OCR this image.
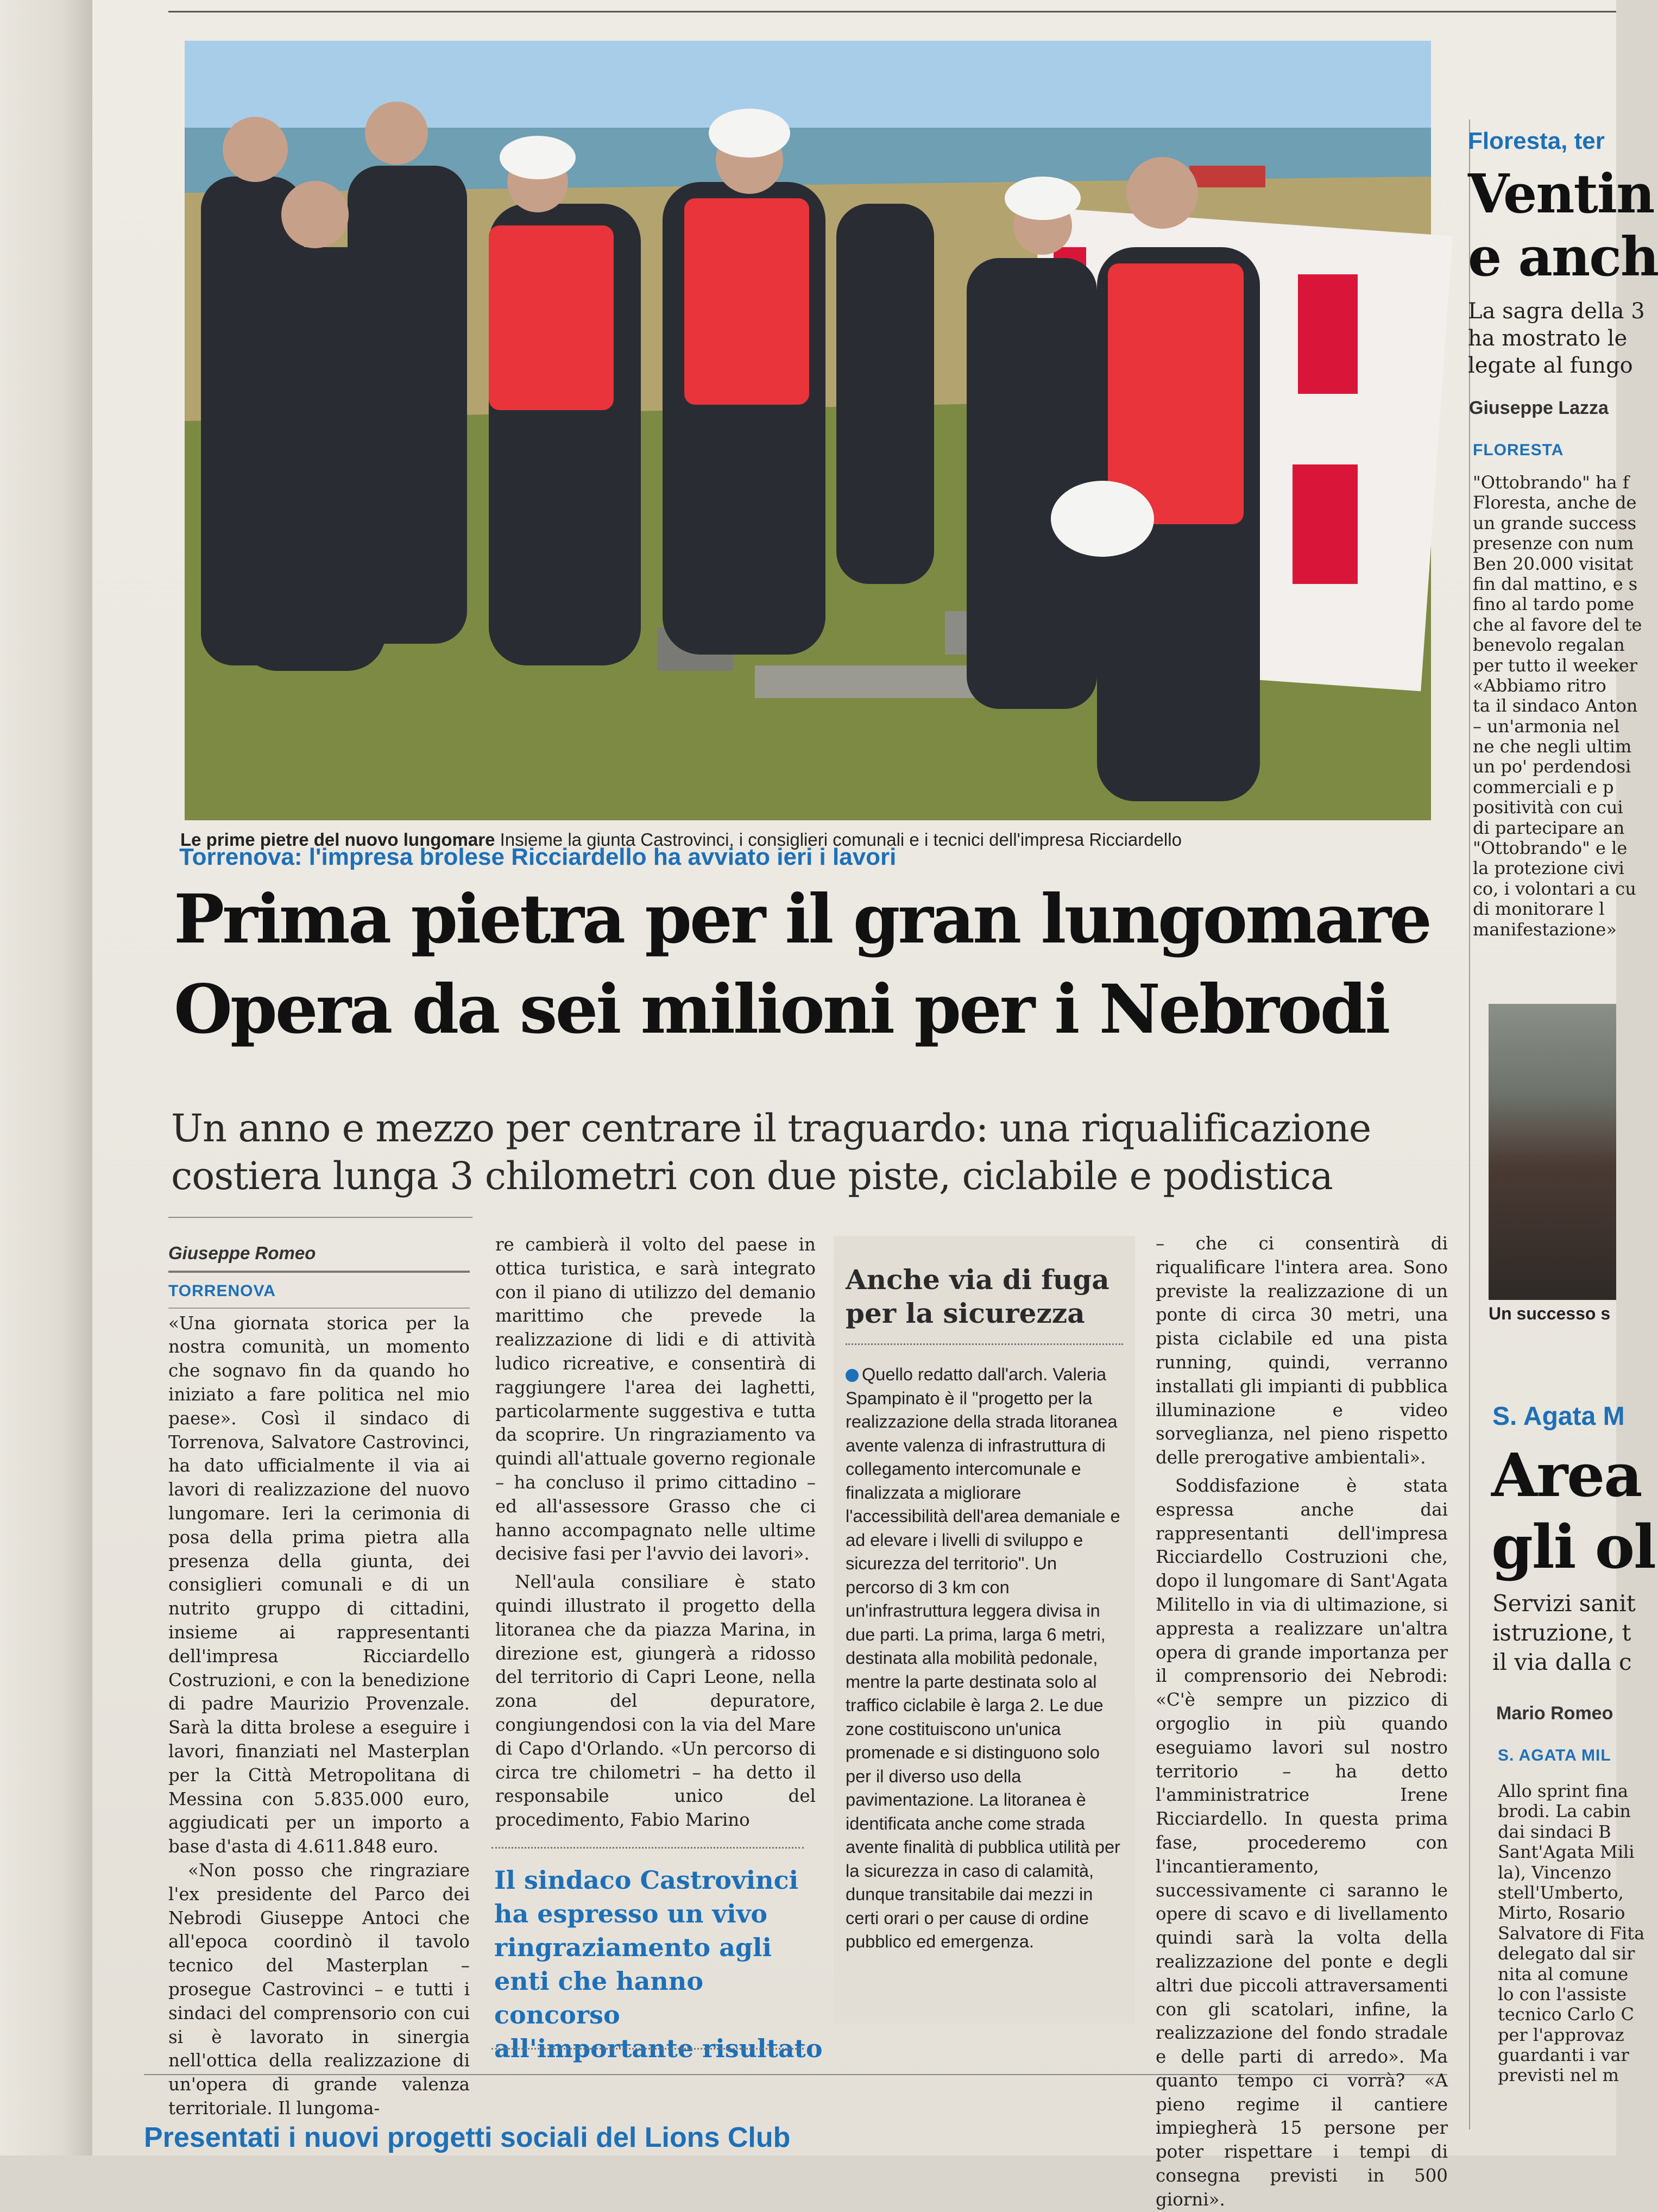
Le prime pietre del nuovo lungomare Insieme la giunta Castrovinci, i consiglieri comunali e i tecnici dell'impresa Ricciardello
Torrenova: l'impresa brolese Ricciardello ha avviato ieri i lavori
Prima pietra per il gran lungomare
Opera da sei milioni per i Nebrodi
Un anno e mezzo per centrare il traguardo: una riqualificazione
costiera lunga 3 chilometri con due piste, ciclabile e podistica
Giuseppe Romeo
TORRENOVA

«Una giornata storica per la nostra comunità, un momento che sognavo fin da quando ho iniziato a fare politica nel mio paese». Così il sindaco di Torrenova, Salvatore Castrovinci, ha dato ufficialmente il via ai lavori di realizzazione del nuovo lungomare. Ieri la cerimonia di posa della prima pietra alla presenza della giunta, dei consiglieri comunali e di un nutrito gruppo di cittadini, insieme ai rappresentanti dell'impresa Ricciardello Costruzioni, e con la benedizione di padre Maurizio Provenzale. Sarà la ditta brolese a eseguire i lavori, finanziati nel Masterplan per la Città Metropolitana di Messina con 5.835.000 euro, aggiudicati per un importo a base d'asta di 4.611.848 euro.

«Non posso che ringraziare l'ex presidente del Parco dei Nebrodi Giuseppe Antoci che all'epoca coordinò il tavolo tecnico del Masterplan – prosegue Castrovinci – e tutti i sindaci del comprensorio con cui si è lavorato in sinergia nell'ottica della realizzazione di un'opera di grande valenza territoriale. Il lungoma-

re cambierà il volto del paese in ottica turistica, e sarà integrato con il piano di utilizzo del demanio marittimo che prevede la realizzazione di lidi e di attività ludico ricreative, e consentirà di raggiungere l'area dei laghetti, particolarmente suggestiva e tutta da scoprire. Un ringraziamento va quindi all'attuale governo regionale – ha concluso il primo cittadino – ed all'assessore Grasso che ci hanno accompagnato nelle ultime decisive fasi per l'avvio dei lavori».

Nell'aula consiliare è stato quindi illustrato il progetto della litoranea che da piazza Marina, in direzione est, giungerà a ridosso del territorio di Capri Leone, nella zona del depuratore, congiungendosi con la via del Mare di Capo d'Orlando. «Un percorso di circa tre chilometri – ha detto il responsabile unico del procedimento, Fabio Marino

Il sindaco Castrovinci ha espresso un vivo ringraziamento agli enti che hanno concorso all'importante risultato
Anche via di fuga
per la sicurezza
Quello redatto dall'arch. Valeria Spampinato è il "progetto per la realizzazione della strada litoranea avente valenza di infrastruttura di collegamento intercomunale e finalizzata a migliorare l'accessibilità dell'area demaniale e ad elevare i livelli di sviluppo e sicurezza del territorio". Un percorso di 3 km con un'infrastruttura leggera divisa in due parti. La prima, larga 6 metri, destinata alla mobilità pedonale, mentre la parte destinata solo al traffico ciclabile è larga 2. Le due zone costituiscono un'unica promenade e si distinguono solo per il diverso uso della pavimentazione. La litoranea è identificata anche come strada avente finalità di pubblica utilità per la sicurezza in caso di calamità, dunque transitabile dai mezzi in certi orari o per cause di ordine pubblico ed emergenza.

– che ci consentirà di riqualificare l'intera area. Sono previste la realizzazione di un ponte di circa 30 metri, una pista ciclabile ed una pista running, quindi, verranno installati gli impianti di pubblica illuminazione e video sorveglianza, nel pieno rispetto delle prerogative ambientali».

Soddisfazione è stata espressa anche dai rappresentanti dell'impresa Ricciardello Costruzioni che, dopo il lungomare di Sant'Agata Militello in via di ultimazione, si appresta a realizzare un'altra opera di grande importanza per il comprensorio dei Nebrodi: «C'è sempre un pizzico di orgoglio in più quando eseguiamo lavori sul nostro territorio – ha detto l'amministratrice Irene Ricciardello. In questa prima fase, procederemo con l'incantieramento, successivamente ci saranno le opere di scavo e di livellamento quindi sarà la volta della realizzazione del ponte e degli altri due piccoli attraversamenti con gli scatolari, infine, la realizzazione del fondo stradale e delle parti di arredo». Ma quanto tempo ci vorrà? «A pieno regime il cantiere impiegherà 15 persone per poter rispettare i tempi di consegna previsti in 500 giorni».

Presentati i nuovi progetti sociali del Lions Club
Floresta, ter
Ventin
e anch
La sagra della 3
ha mostrato le
legate al fungo
Giuseppe Lazza
FLORESTA
"Ottobrando" ha f
Floresta, anche de
un grande success
presenze con num
Ben 20.000 visitat
fin dal mattino, e s
fino al tardo pome
che al favore del te
benevolo regalan
per tutto il weeker
«Abbiamo ritro
ta il sindaco Anton
– un'armonia nel
ne che negli ultim
un po' perdendosi
commerciali e p
positività con cui
di partecipare an
"Ottobrando" e le
la protezione civi
co, i volontari a cu
di monitorare l
manifestazione»
Un successo s
S. Agata M
Area
gli ol
Servizi sanit
istruzione, t
il via dalla c
Mario Romeo
S. AGATA MIL
Allo sprint fina
brodi. La cabin
dai sindaci B
Sant'Agata Mili
la), Vincenzo
stell'Umberto,
Mirto, Rosario
Salvatore di Fita
delegato dal sir
nita al comune
lo con l'assiste
tecnico Carlo C
per l'approvaz
guardanti i var
previsti nel m
